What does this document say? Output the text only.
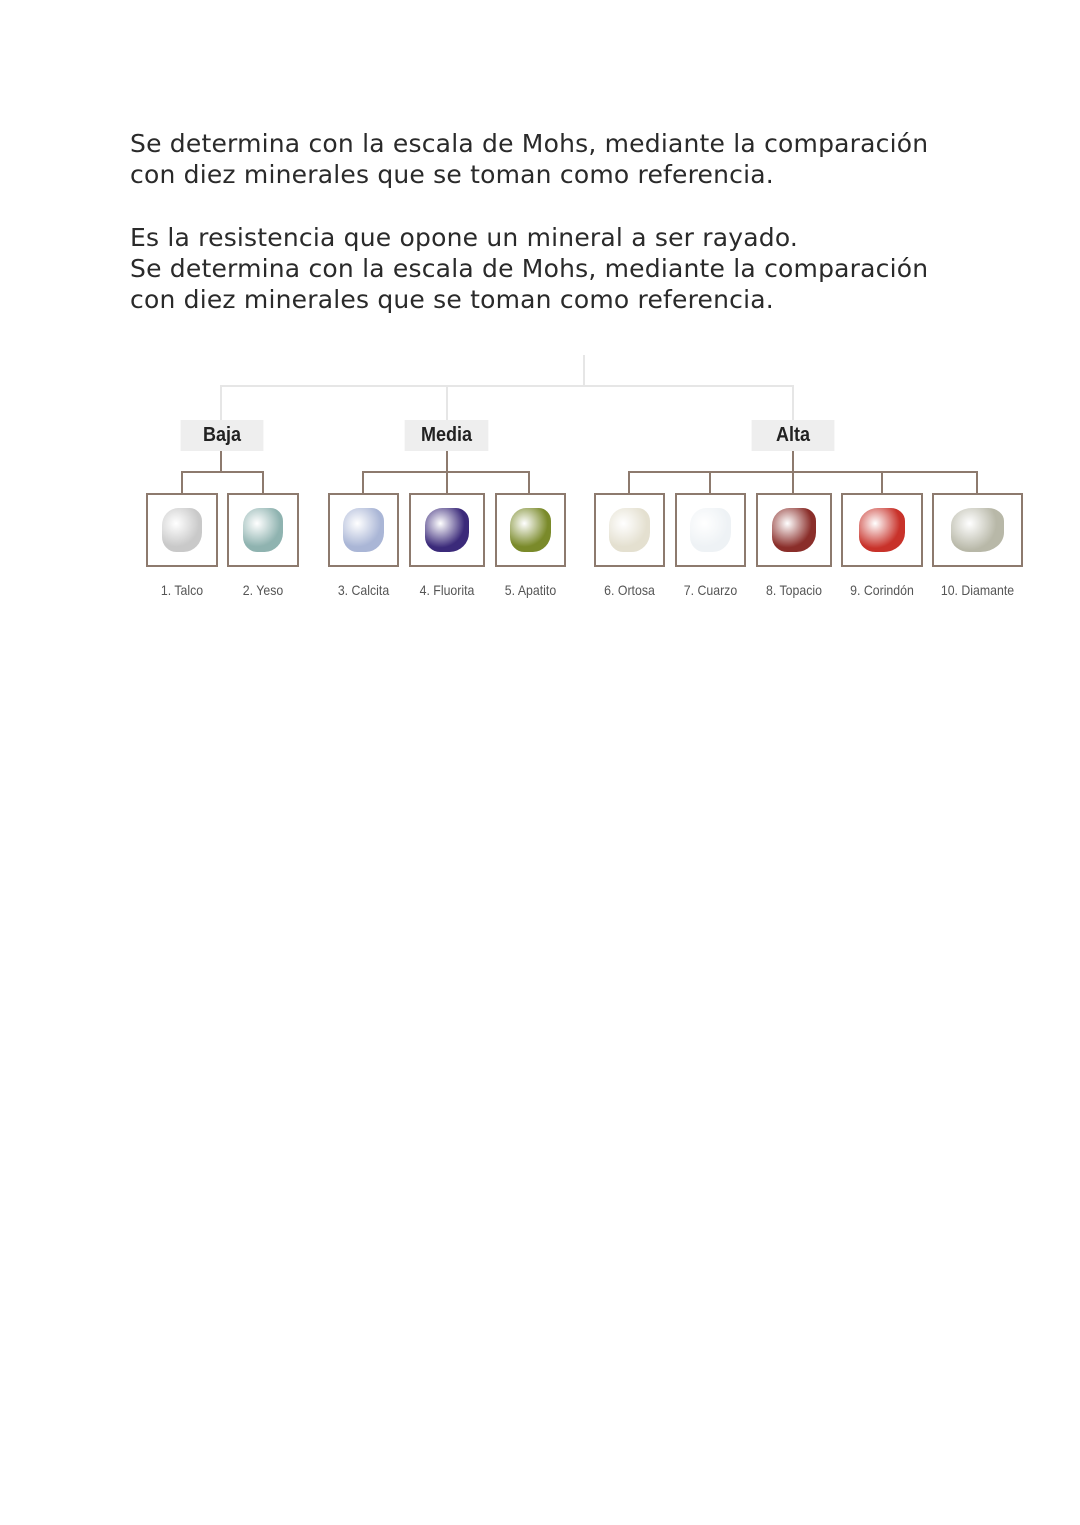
Se determina con la escala de Mohs, mediante la comparación

con diez minerales que se toman como referencia.

Es la resistencia que opone un mineral a ser rayado.

Se determina con la escala de Mohs, mediante la comparación

con diez minerales que se toman como referencia.

Baja	Media	Alta
1. Talco	2. Yeso	3. Calcita	4. Fluorita	5. Apatito	6. Ortosa	7. Cuarzo	8. Topacio	9. Corindón	10. Diamante
